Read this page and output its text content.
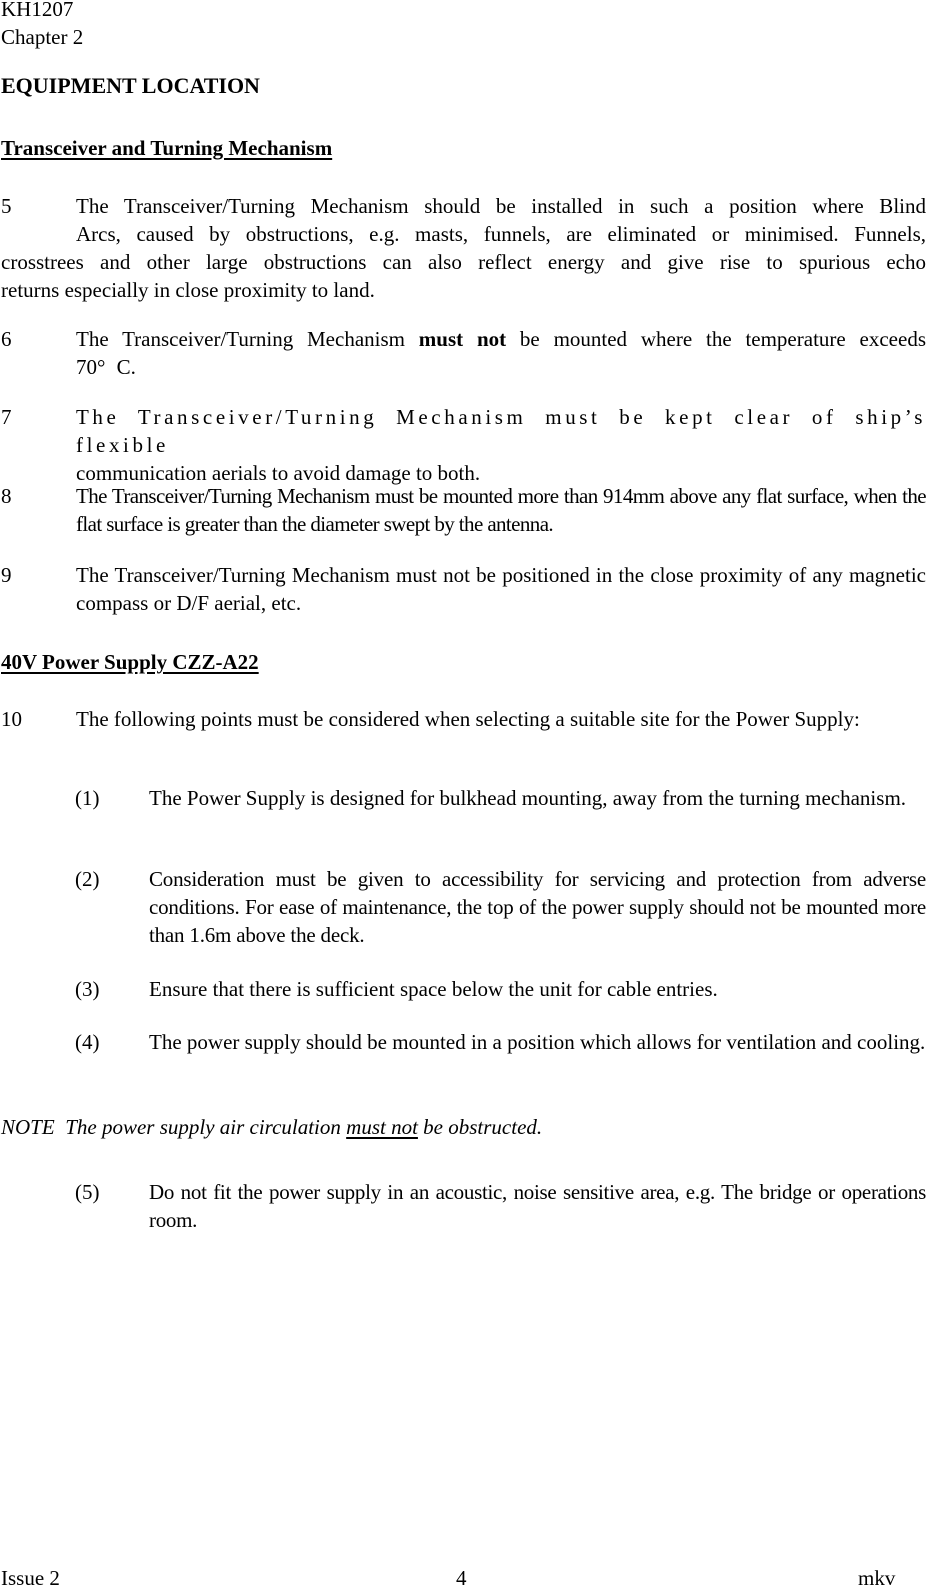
KH1207
Chapter 2
EQUIPMENT LOCATION
Transceiver and Turning Mechanism
5	The Transceiver/Turning Mechanism should be installed in such a position where Blind
Arcs, caused by obstructions, e.g. masts, funnels, are eliminated or minimised. Funnels,
crosstrees and other large obstructions can also reflect energy and give rise to spurious echo
returns especially in close proximity to land.
6	The Transceiver/Turning Mechanism must not be mounted where the temperature exceeds 70° C.
7	The Transceiver/Turning Mechanism must be kept clear of ship’s flexible
communication aerials to avoid damage to both.
8	The Transceiver/Turning Mechanism must be mounted more than 914mm above any flat surface, when the flat surface is greater than the diameter swept by the antenna.
9	The Transceiver/Turning Mechanism must not be positioned in the close proximity of any magnetic compass or D/F aerial, etc.
40V Power Supply CZZ-A22
10	The following points must be considered when selecting a suitable site for the Power Supply:
(1) The Power Supply is designed for bulkhead mounting, away from the turning mechanism.
(2) Consideration must be given to accessibility for servicing and protection from adverse conditions. For ease of maintenance, the top of the power supply should not be mounted more than 1.6m above the deck.
(3) Ensure that there is sufficient space below the unit for cable entries.
(4) The power supply should be mounted in a position which allows for ventilation and cooling.
NOTE The power supply air circulation must not be obstructed.
(5) Do not fit the power supply in an acoustic, noise sensitive area, e.g. The bridge or operations room.
Issue 2	4	mkv
